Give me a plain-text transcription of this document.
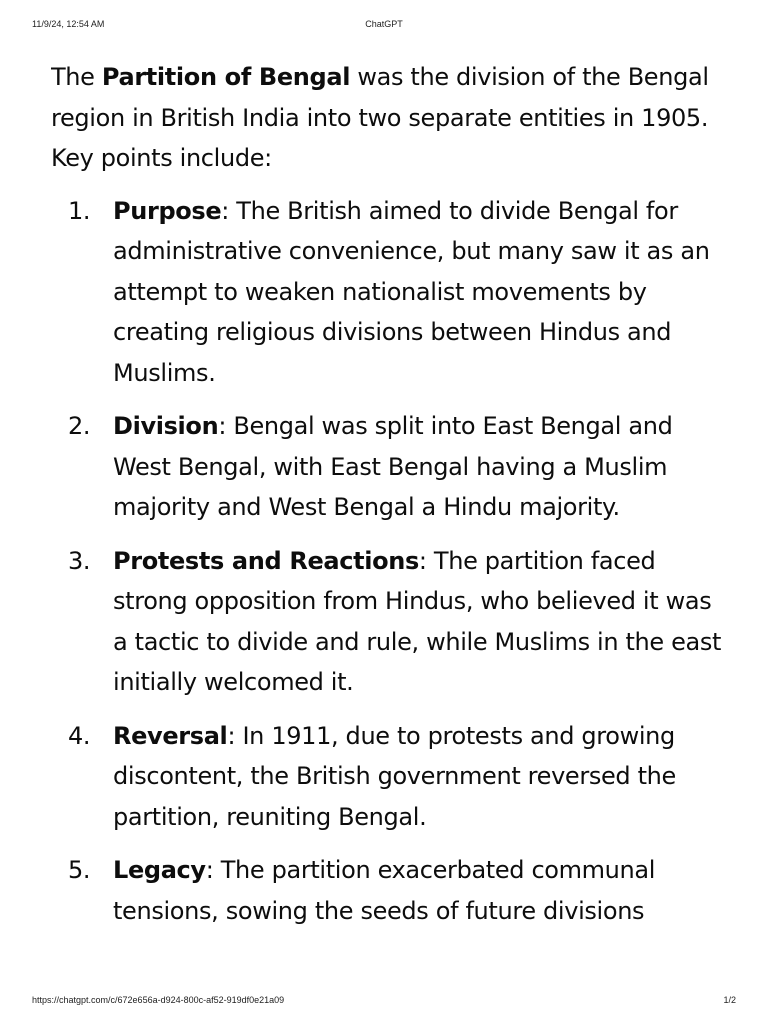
11/9/24, 12:54 AM	ChatGPT

The Partition of Bengal was the division of the Bengal region in British India into two separate entities in 1905. Key points include:

1. Purpose: The British aimed to divide Bengal for administrative convenience, but many saw it as an attempt to weaken nationalist movements by creating religious divisions between Hindus and Muslims.
2. Division: Bengal was split into East Bengal and West Bengal, with East Bengal having a Muslim majority and West Bengal a Hindu majority.
3. Protests and Reactions: The partition faced strong opposition from Hindus, who believed it was a tactic to divide and rule, while Muslims in the east initially welcomed it.
4. Reversal: In 1911, due to protests and growing discontent, the British government reversed the partition, reuniting Bengal.
5. Legacy: The partition exacerbated communal tensions, sowing the seeds of future divisions
https://chatgpt.com/c/672e656a-d924-800c-af52-919df0e21a09	1/2
